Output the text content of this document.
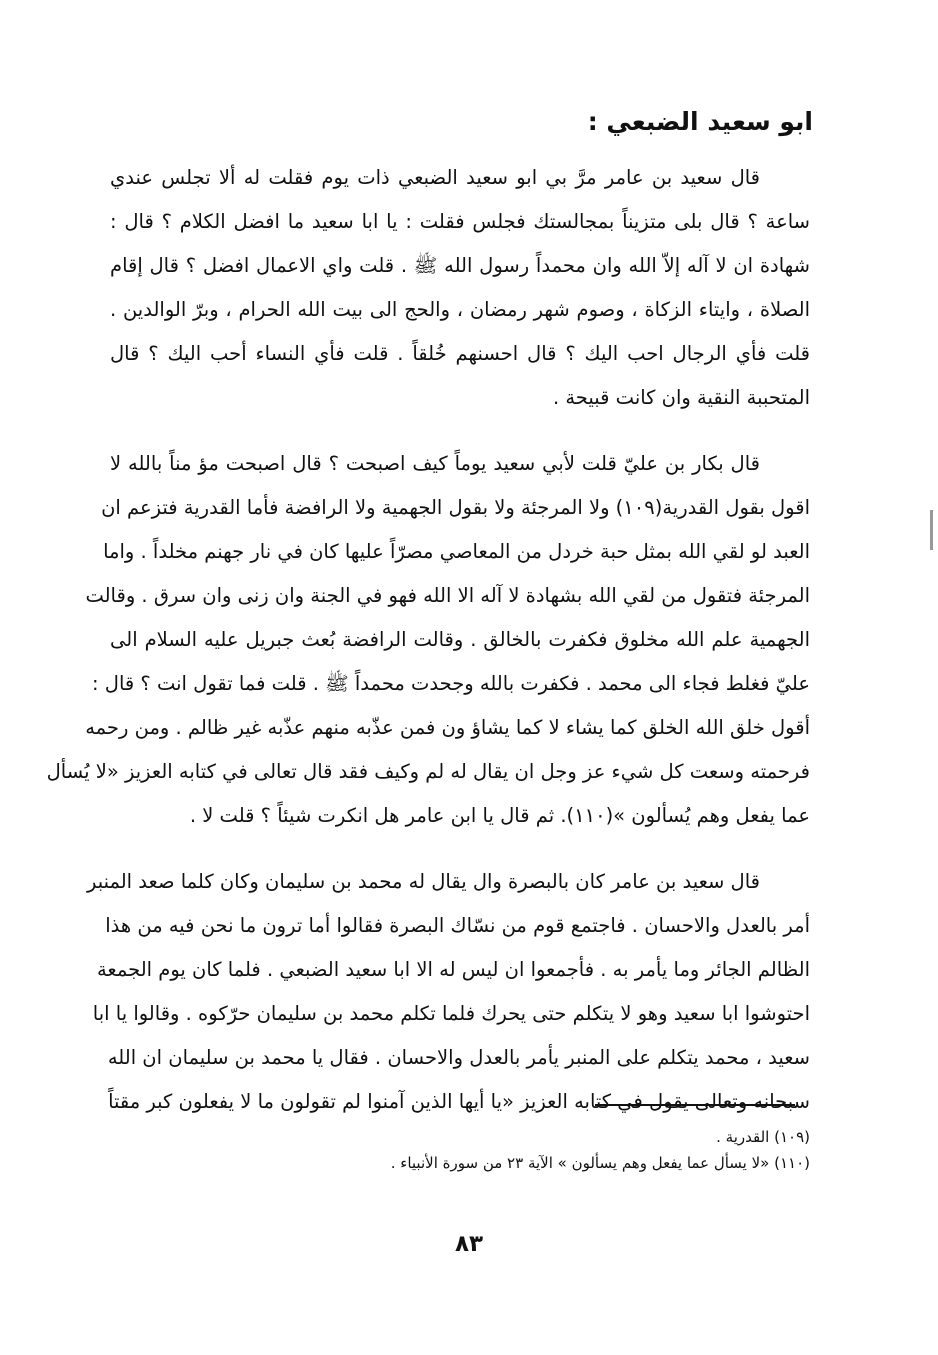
ابو سعيد الضبعي :
قال سعيد بن عامر مرَّ بي ابو سعيد الضبعي ذات يوم فقلت له ألا تجلس عندي
ساعة ؟ قال بلى متزيناً بمجالستك فجلس فقلت : يا ابا سعيد ما افضل الكلام ؟ قال :
شهادة ان لا آله إلاّ الله وان محمداً رسول الله ﷺ . قلت واي الاعمال افضل ؟ قال إقام
الصلاة ، وايتاء الزكاة ، وصوم شهر رمضان ، والحج الى بيت الله الحرام ، وبرّ الوالدين .
قلت فأي الرجال احب اليك ؟ قال احسنهم خُلقاً . قلت فأي النساء أحب اليك ؟ قال
المتحببة النقية وان كانت قبيحة .
قال بكار بن عليّ قلت لأبي سعيد يوماً كيف اصبحت ؟ قال اصبحت مؤ مناً بالله لا
اقول بقول القدرية(١٠٩) ولا المرجئة ولا بقول الجهمية ولا الرافضة فأما القدرية فتزعم ان
العبد لو لقي الله بمثل حبة خردل من المعاصي مصرّاً عليها كان في نار جهنم مخلداً . واما
المرجئة فتقول من لقي الله بشهادة لا آله الا الله فهو في الجنة وان زنى وان سرق . وقالت
الجهمية علم الله مخلوق فكفرت بالخالق . وقالت الرافضة بُعث جبريل عليه السلام الى
عليّ فغلط فجاء الى محمد . فكفرت بالله وجحدت محمداً ﷺ . قلت فما تقول انت ؟ قال :
أقول خلق الله الخلق كما يشاء لا كما يشاؤ ون فمن عذّبه منهم عذّبه غير ظالم . ومن رحمه
فرحمته وسعت كل شيء عز وجل ان يقال له لم وكيف فقد قال تعالى في كتابه العزيز «لا يُسأل
عما يفعل وهم يُسألون »(١١٠). ثم قال يا ابن عامر هل انكرت شيئاً ؟ قلت لا .
قال سعيد بن عامر كان بالبصرة وال يقال له محمد بن سليمان وكان كلما صعد المنبر
أمر بالعدل والاحسان . فاجتمع قوم من نسّاك البصرة فقالوا أما ترون ما نحن فيه من هذا
الظالم الجائر وما يأمر به . فأجمعوا ان ليس له الا ابا سعيد الضبعي . فلما كان يوم الجمعة
احتوشوا ابا سعيد وهو لا يتكلم حتى يحرك فلما تكلم محمد بن سليمان حرّكوه . وقالوا يا ابا
سعيد ، محمد يتكلم على المنبر يأمر بالعدل والاحسان . فقال يا محمد بن سليمان ان الله
سبحانه وتعالى يقول في كتابه العزيز «يا أيها الذين آمنوا لم تقولون ما لا يفعلون كبر مقتاً
(١٠٩) القدرية .
(١١٠) «لا يسأل عما يفعل وهم يسألون » الآية ٢٣ من سورة الأنبياء .
٨٣
